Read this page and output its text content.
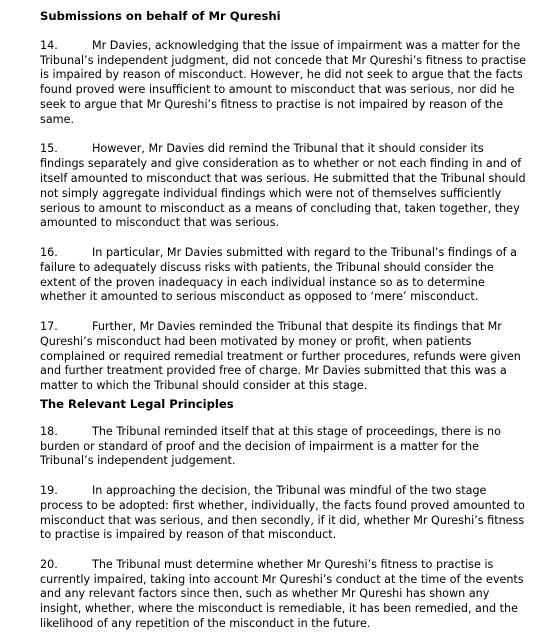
Submissions on behalf of Mr Qureshi

14.	Mr Davies, acknowledging that the issue of impairment was a matter for the Tribunal’s independent judgment, did not concede that Mr Qureshi’s fitness to practise is impaired by reason of misconduct. However, he did not seek to argue that the facts found proved were insufficient to amount to misconduct that was serious, nor did he seek to argue that Mr Qureshi’s fitness to practise is not impaired by reason of the same.

15.	However, Mr Davies did remind the Tribunal that it should consider its findings separately and give consideration as to whether or not each finding in and of itself amounted to misconduct that was serious. He submitted that the Tribunal should not simply aggregate individual findings which were not of themselves sufficiently serious to amount to misconduct as a means of concluding that, taken together, they amounted to misconduct that was serious.

16.	In particular, Mr Davies submitted with regard to the Tribunal’s findings of a failure to adequately discuss risks with patients, the Tribunal should consider the extent of the proven inadequacy in each individual instance so as to determine whether it amounted to serious misconduct as opposed to ‘mere’ misconduct.

17.	Further, Mr Davies reminded the Tribunal that despite its findings that Mr Qureshi’s misconduct had been motivated by money or profit, when patients complained or required remedial treatment or further procedures, refunds were given and further treatment provided free of charge. Mr Davies submitted that this was a matter to which the Tribunal should consider at this stage.

The Relevant Legal Principles

18.	The Tribunal reminded itself that at this stage of proceedings, there is no burden or standard of proof and the decision of impairment is a matter for the Tribunal’s independent judgement.

19.	In approaching the decision, the Tribunal was mindful of the two stage process to be adopted: first whether, individually, the facts found proved amounted to misconduct that was serious, and then secondly, if it did, whether Mr Qureshi’s fitness to practise is impaired by reason of that misconduct.

20.	The Tribunal must determine whether Mr Qureshi’s fitness to practise is currently impaired, taking into account Mr Qureshi’s conduct at the time of the events and any relevant factors since then, such as whether Mr Qureshi has shown any insight, whether, where the misconduct is remediable, it has been remedied, and the likelihood of any repetition of the misconduct in the future.
